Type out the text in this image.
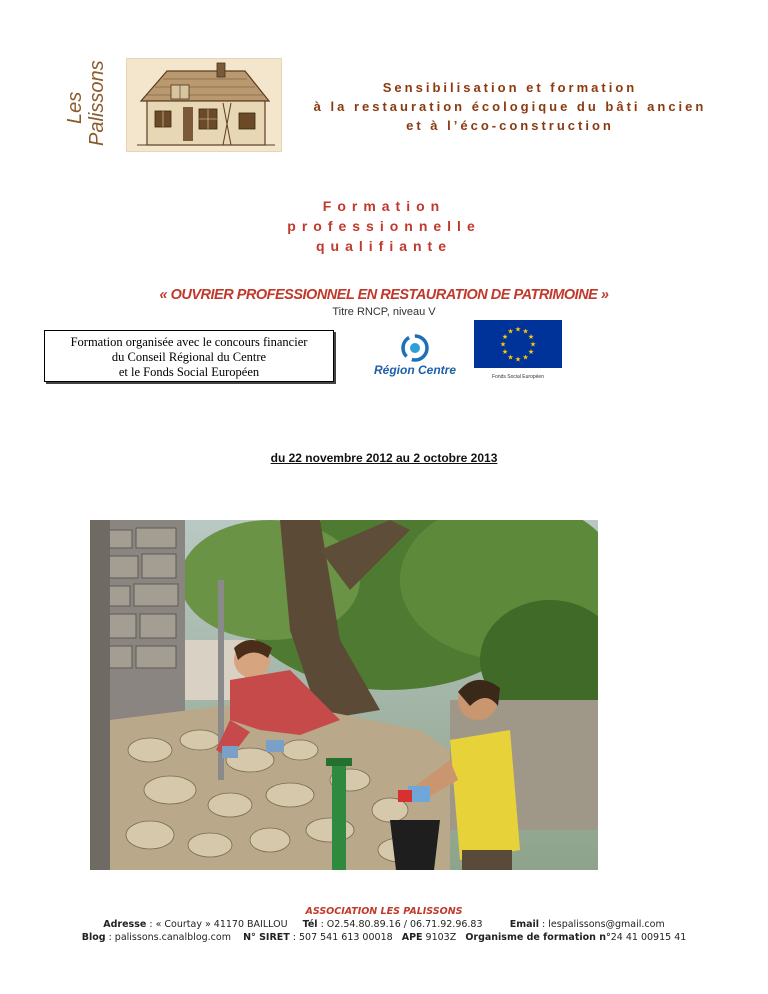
Les Palissons	Sensibilisation et formation
à la restauration écologique du bâti ancien
et à l’éco-construction
Formation
professionnelle
qualifiante
« OUVRIER PROFESSIONNEL EN RESTAURATION DE PATRIMOINE »
Titre RNCP, niveau V
Formation organisée avec le concours financier
du Conseil Régional du Centre
et le Fonds Social Européen	Région Centre
★ ★
★
★
★
★
★
★
★
★
★
★
Fonds Social Européen
du 22 novembre 2012 au 2 octobre 2013
ASSOCIATION LES PALISSONS
Adresse : « Courtay » 41170 BAILLOU Tél : O2.54.80.89.16 / 06.71.92.96.83	Email : lespalissons@gmail.com
Blog : palissons.canalblog.com N° SIRET : 507 541 613 00018 APE 9103Z Organisme de formation n°24 41 00915 41
